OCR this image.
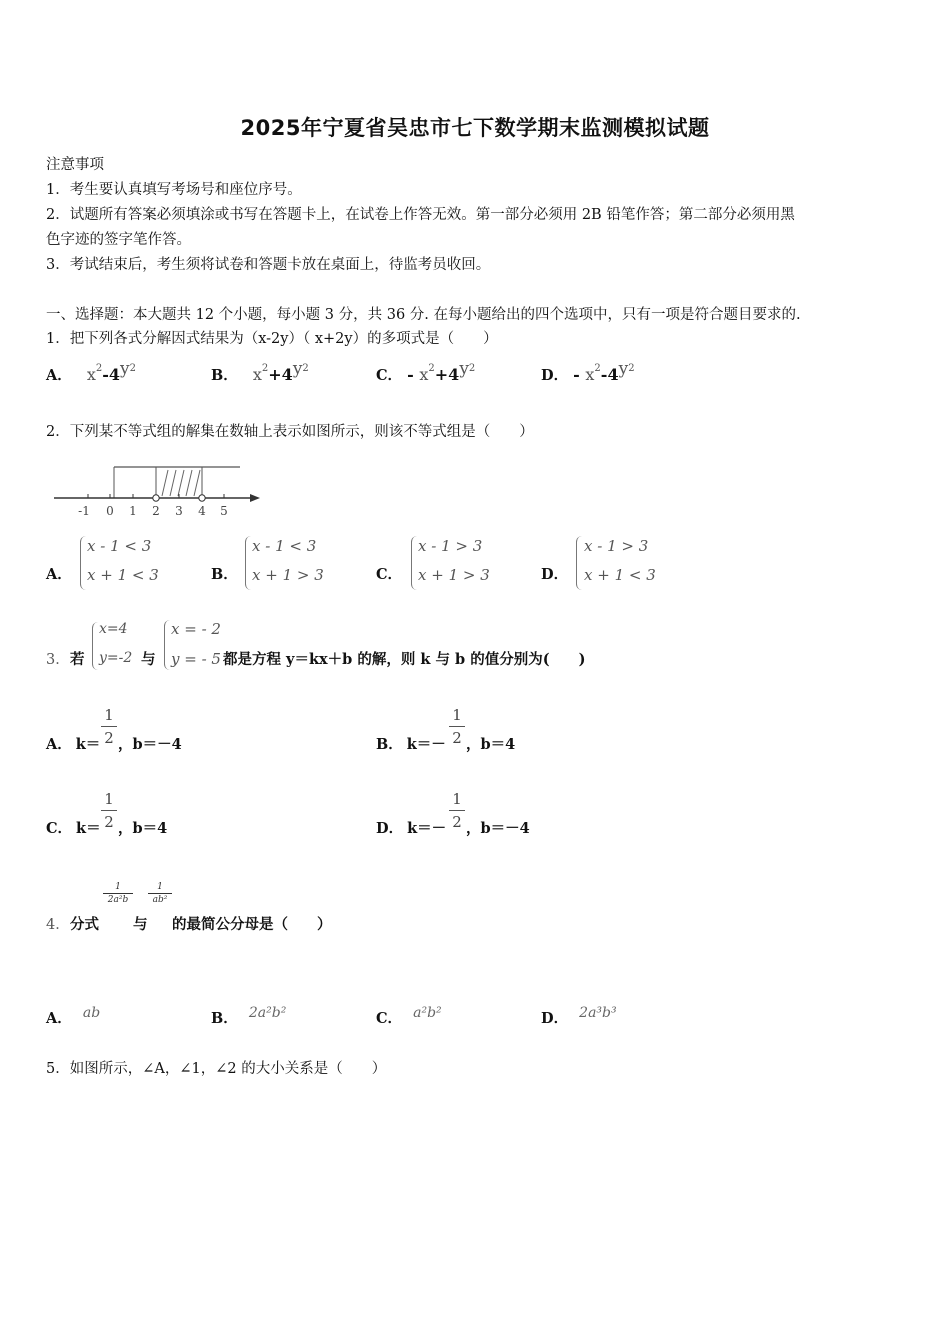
2025年宁夏省吴忠市七下数学期末监测模拟试题
注意事项
1．考生要认真填写考场号和座位序号。
2．试题所有答案必须填涂或书写在答题卡上，在试卷上作答无效。第一部分必须用 2B 铅笔作答；第二部分必须用黑
色字迹的签字笔作答。
3．考试结束后，考生须将试卷和答题卡放在桌面上，待监考员收回。
一、选择题：本大题共 12 个小题，每小题 3 分，共 36 分. 在每小题给出的四个选项中，只有一项是符合题目要求的.
1．把下列各式分解因式结果为（x-2y）（ x+2y）的多项式是（　　）
A． $x^2-4y^2$	B． $x^2+4y^2$	C． - $x^2+4y^2$	D． - $x^2-4y^2$
2．下列某不等式组的解集在数轴上表示如图所示，则该不等式组是（　　）
-1 0 1 2 3 4 5
A．
x - 1 < 3
x + 1 < 3	B．
x - 1 < 3
x + 1 > 3	C．
x - 1 > 3
x + 1 > 3	D．
x - 1 > 3
x + 1 < 3
3． 若
x=4
y=-2 与
x = - 2
y = - 5 都是方程 y＝kx＋b 的解，则 k 与 b 的值分别为(　　)
A． k＝
1
2 ，b＝－4	B． k＝－
1
2 ，b＝4
C． k＝
1
2 ，b＝4	D． k＝－
1
2 ，b＝－4
4． 分式
1
2a²b
与
1
ab²
的最简公分母是（　　）
A． ab	B． 2a²b²	C． a²b²	D． 2a³b³
5．如图所示，∠A，∠1，∠2 的大小关系是（　　）
